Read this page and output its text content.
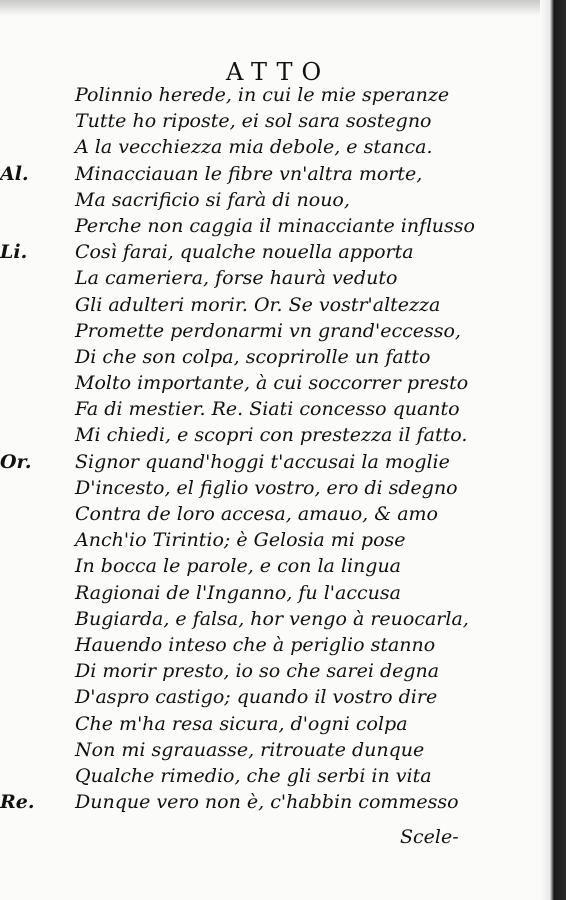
ATTO
Polinnio herede, in cui le mie speranze
Tutte ho riposte, ei sol sara sostegno
A la vecchiezza mia debole, e stanca.
Al. Minacciauan le fibre vn'altra morte,
Ma sacrificio si farà di nouo,
Perche non caggia il minacciante influsso
Li.	Così farai, qualche nouella apporta
La cameriera, forse haurà veduto
Gli adulteri morir. Or. Se vostr'altezza
Promette perdonarmi vn grand'eccesso,
Di che son colpa, scoprirolle un fatto
Molto importante, à cui soccorrer presto
Fa di mestier. Re. Siati concesso quanto
Mi chiedi, e scopri con prestezza il fatto.
Or. Signor quand'hoggi t'accusai la moglie
D'incesto, el figlio vostro, ero di sdegno
Contra de loro accesa, amauo, & amo
Anch'io Tirintio; è Gelosia mi pose
In bocca le parole, e con la lingua
Ragionai de l'Inganno, fu l'accusa
Bugiarda, e falsa, hor vengo à reuocarla,
Hauendo inteso che à periglio stanno
Di morir presto, io so che sarei degna
D'aspro castigo; quando il vostro dire
Che m'ha resa sicura, d'ogni colpa
Non mi sgrauasse, ritrouate dunque
Qualche rimedio, che gli serbi in vita
Re. Dunque vero non è, c'habbin commesso
Scele-
